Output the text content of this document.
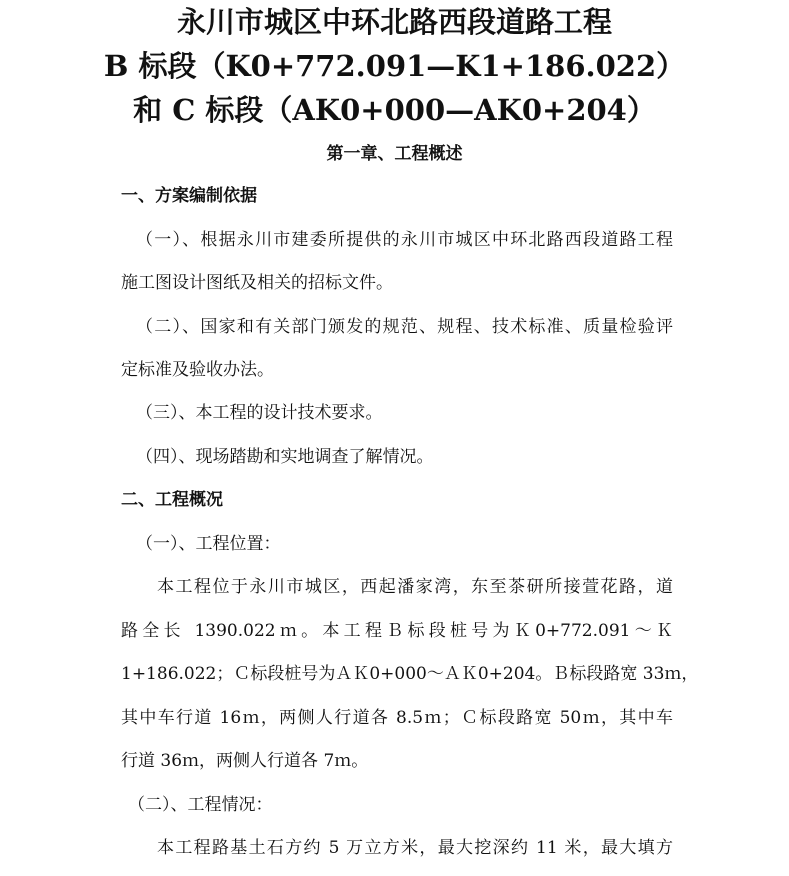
永川市城区中环北路西段道路工程
B 标段（K0+772.091—K1+186.022）
和 C 标段（AK0+000—AK0+204）
第一章、工程概述
一、方案编制依据
（一）、根据永川市建委所提供的永川市城区中环北路西段道路工程
施工图设计图纸及相关的招标文件。
（二）、国家和有关部门颁发的规范、规程、技术标准、质量检验评
定标准及验收办法。
（三）、本工程的设计技术要求。
（四）、现场踏勘和实地调查了解情况。
二、工程概况
（一）、工程位置：
本工程位于永川市城区，西起潘家湾，东至茶研所接萱花路，道
路全长 1390.022ｍ。本工程Ｂ标段桩号为Ｋ0+772.091～Ｋ
1+186.022；Ｃ标段桩号为ＡＫ0+000～ＡＫ0+204。Ｂ标段路宽 33ｍ，
其中车行道 16ｍ，两侧人行道各 8.5ｍ；Ｃ标段路宽 50ｍ，其中车
行道 36ｍ，两侧人行道各 7ｍ。
（二）、工程情况：
本工程路基土石方约 5 万立方米，最大挖深约 11 米，最大填方
